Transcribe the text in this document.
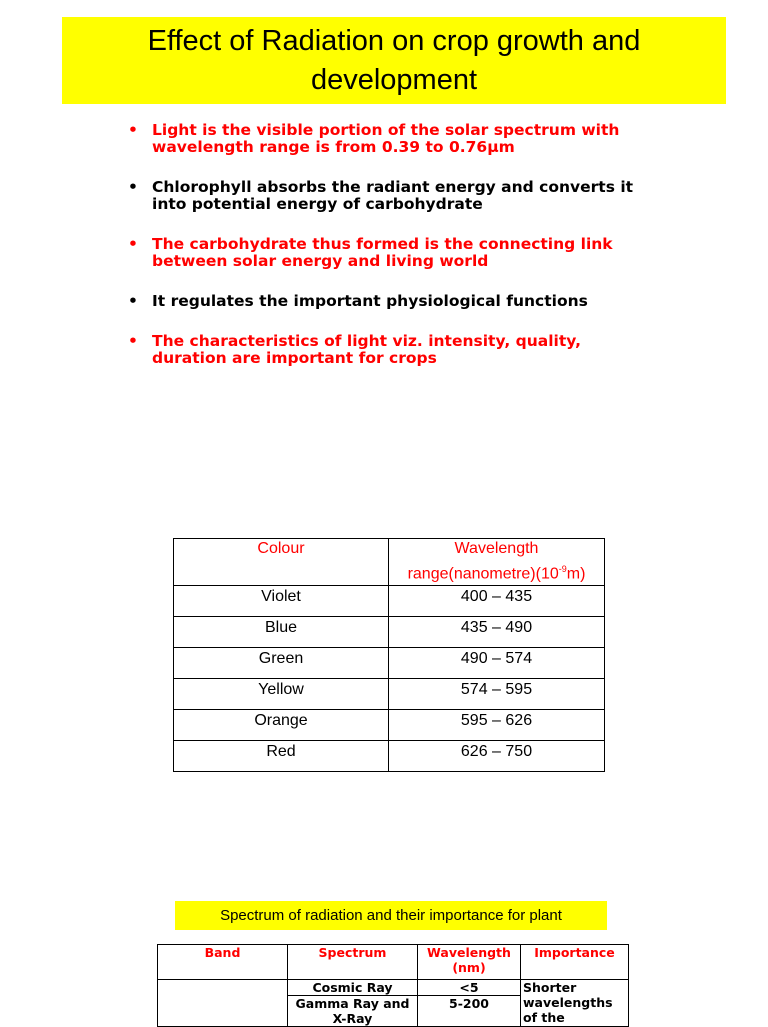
Effect of Radiation on crop growth and development
• Light is the visible portion of the solar spectrum with wavelength range is from 0.39 to 0.76µm
• Chlorophyll absorbs the radiant energy and converts it into potential energy of carbohydrate
• The carbohydrate thus formed is the connecting link between solar energy and living world
• It regulates the important physiological functions
• The characteristics of light viz. intensity, quality, duration are important for crops
Colour	Wavelength $range(nanometre)(10^{-9}m)$
Violet	400 – 435
Blue	435 – 490
Green	490 – 574
Yellow	574 – 595
Orange	595 – 626
Red	626 – 750
Spectrum of radiation and their importance for plant
Band	Spectrum	Wavelength (nm)	Importance
	Cosmic Ray	<5	Shorter wavelengths of the
	Gamma Ray and X-Ray	5-200	
